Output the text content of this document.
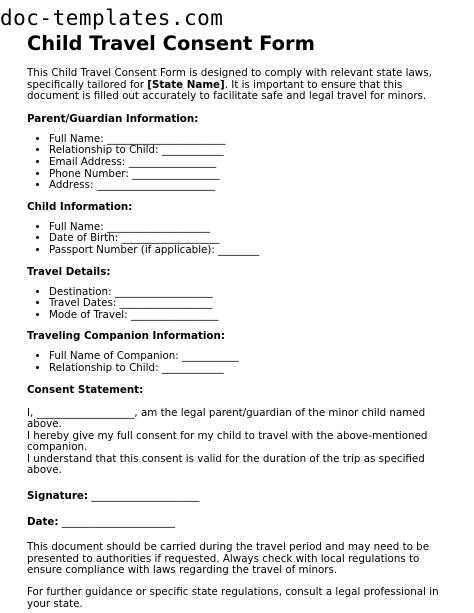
doc-templates.com
Child Travel Consent Form

This Child Travel Consent Form is designed to comply with relevant state laws, specifically tailored for [State Name]. It is important to ensure that this document is filled out accurately to facilitate safe and legal travel for minors.

Parent/Guardian Information:
• Full Name: _______________________
• Relationship to Child: ____________
• Email Address: _________________
• Phone Number: _________________
• Address: _______________________
Child Information:
• Full Name: ____________________
• Date of Birth: ___________________
• Passport Number (if applicable): ________
Travel Details:
• Destination: ___________________
• Travel Dates: __________________
• Mode of Travel: _________________
Traveling Companion Information:
• Full Name of Companion: ___________
• Relationship to Child: ____________
Consent Statement:

I, ___________________, am the legal parent/guardian of the minor child named above.

I hereby give my full consent for my child to travel with the above-mentioned companion.

I understand that this consent is valid for the duration of the trip as specified above.

Signature: _____________________

Date: ______________________

This document should be carried during the travel period and may need to be presented to authorities if requested. Always check with local regulations to ensure compliance with laws regarding the travel of minors.

For further guidance or specific state regulations, consult a legal professional in your state.
